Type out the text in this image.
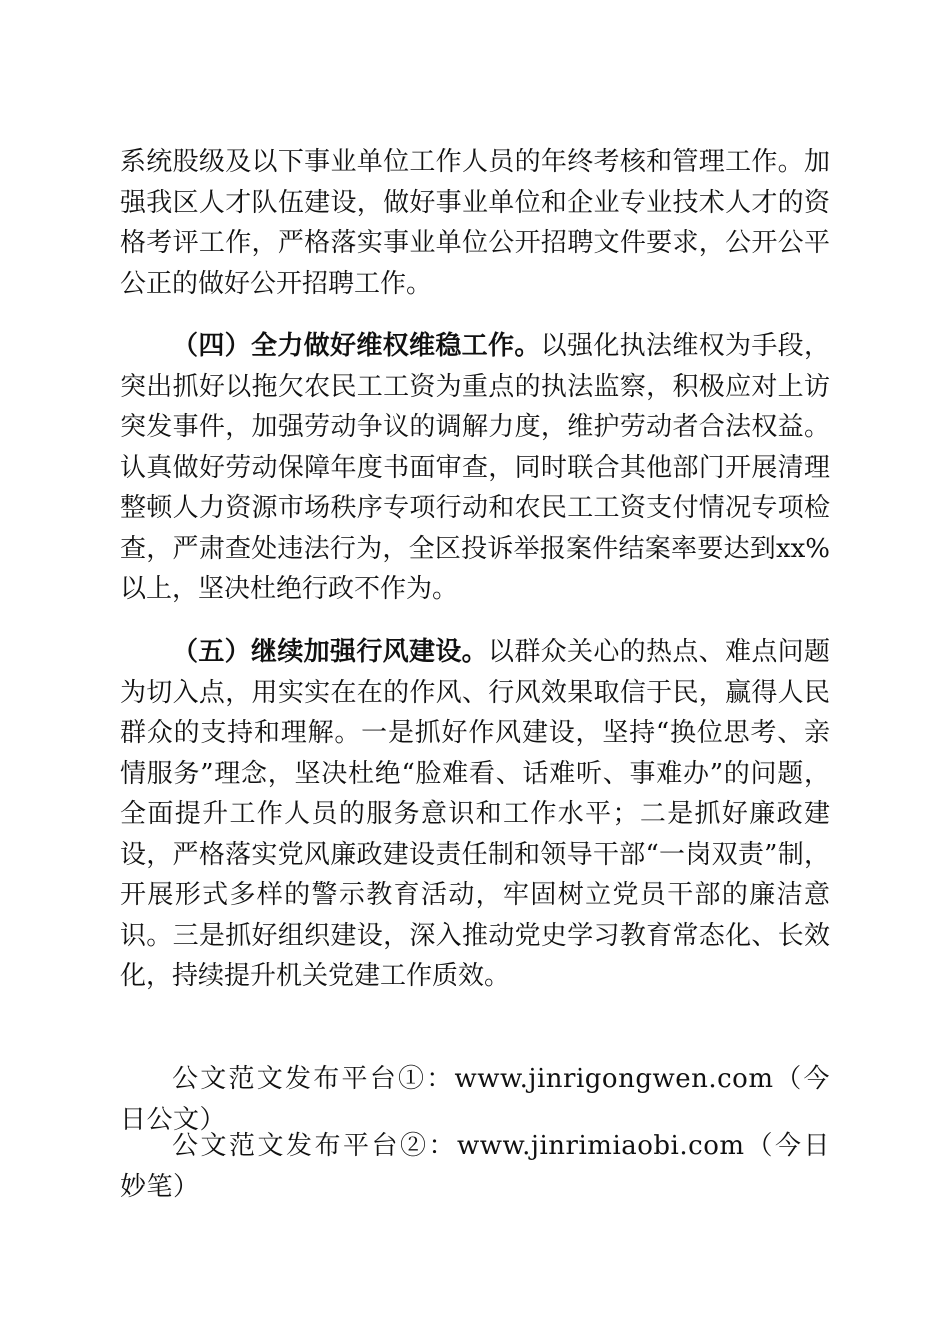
系统股级及以下事业单位工作人员的年终考核和管理工作。加强我区人才队伍建设，做好事业单位和企业专业技术人才的资格考评工作，严格落实事业单位公开招聘文件要求，公开公平公正的做好公开招聘工作。

（四）全力做好维权维稳工作。以强化执法维权为手段，突出抓好以拖欠农民工工资为重点的执法监察，积极应对上访突发事件，加强劳动争议的调解力度，维护劳动者合法权益。认真做好劳动保障年度书面审查，同时联合其他部门开展清理整顿人力资源市场秩序专项行动和农民工工资支付情况专项检查，严肃查处违法行为，全区投诉举报案件结案率要达到xx%以上，坚决杜绝行政不作为。

（五）继续加强行风建设。以群众关心的热点、难点问题为切入点，用实实在在的作风、行风效果取信于民，赢得人民群众的支持和理解。一是抓好作风建设，坚持“换位思考、亲情服务”理念，坚决杜绝“脸难看、话难听、事难办”的问题，全面提升工作人员的服务意识和工作水平；二是抓好廉政建设，严格落实党风廉政建设责任制和领导干部“一岗双责”制，开展形式多样的警示教育活动，牢固树立党员干部的廉洁意识。三是抓好组织建设，深入推动党史学习教育常态化、长效化，持续提升机关党建工作质效。

公文范文发布平台①：www.jinrigongwen.com（今日公文）

公文范文发布平台②：www.jinrimiaobi.com（今日妙笔）
